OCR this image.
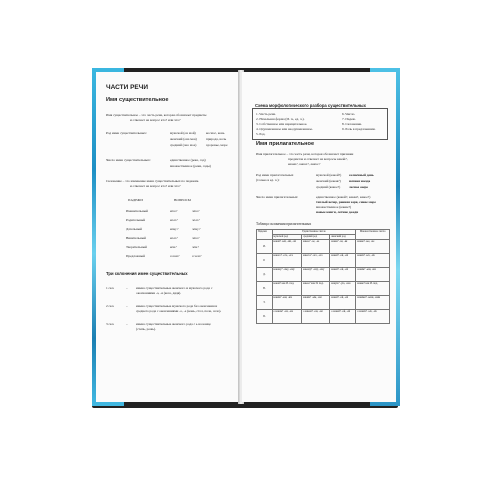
ЧАСТИ РЕЧИ
Имя существительное
Имя существительное – это часть речи, которая обозначает предметы
и отвечает на вопрос кто? или что?
Род имен существительных:	мужской (он мой)	космос, конь
женский (она моя)	природа, ночь
средний (оно мое)	здоровье, море
Число имен существительных:	единственное (река, сад)
множественное (реки, сады)
Склонение – это изменение имен существительных по падежам.
и отвечает на вопрос кто? или что?
ПАДЕЖИ	ВОПРОСЫ
Именительный	кто?	что?
Родительный	кого?	чего?
Дательный	кому?	чему?
Винительный	кого?	что?
Творительный	кем?	чем?
Предложный	о ком?	о чем?
Три склонения имен существительных
1 скл.	– имена существительные женского и мужского рода с
окончаниями -а, -я (коза, дядя).
2 скл.	– имена существительные мужского рода без окончания и
среднего рода с окончаниями -о, -е (конь, стол, поле, село).
3 скл.	– имена существительные женского рода с ь на конце
(степь, рожь).
Схема морфологического разбора существительных
1. Часть речи.
2. Начальная форма (И. п., ед. ч.).
3. Собственное или нарицательное.
4. Одушевленное или неодушевленное.
5. Род.
6. Число.
7. Падеж.
8. Склонение.
9. Роль в предложении.
Имя прилагательное
Имя прилагательное – это часть речи, которая обозначает признаки
предметов и отвечает на вопросы какой?,
какая?, какое?, какие?
Род имен прилагательных
(только в ед. ч.):
мужской (какой?) солнечный день
женский (какая?) ночная звезда
средний (какое?)	лесное озеро
Число имен прилагательных:	единственное (какой?, какая?, какое?)
теплый вечер, ранняя заря, синее море
множественное (какие?)
новые книги, летние дожди
Таблица склонения прилагательных
Падежи	Единственное число			Множественное число
	мужской род	средний род	женский род	
И.	какой? -ый, -ий, -ой	какое? -ое, -ее	какая? -ая, -яя	какие? -ые, -ие
Р.	какого? -ого, -его	какого? -ого, -его	какой? -ой, -ей	каких? -ых, -их
Д.	какому? -ому, -ему	какому? -ому, -ему	какой? -ой, -ей	каким? -ым, -им
В.	какой? как И. под.	какое? как И. под.	какую? -ую, -юю	какие? как И. под.
Т.	каким? -ым, -им	каким? -ым, -им	какой? -ой, -ей	какими? -ыми, -ими
П.	о каком? -ом, -ем	о каком? -ом, -ем	о какой? -ой, -ей	о каких? -ых, -их
